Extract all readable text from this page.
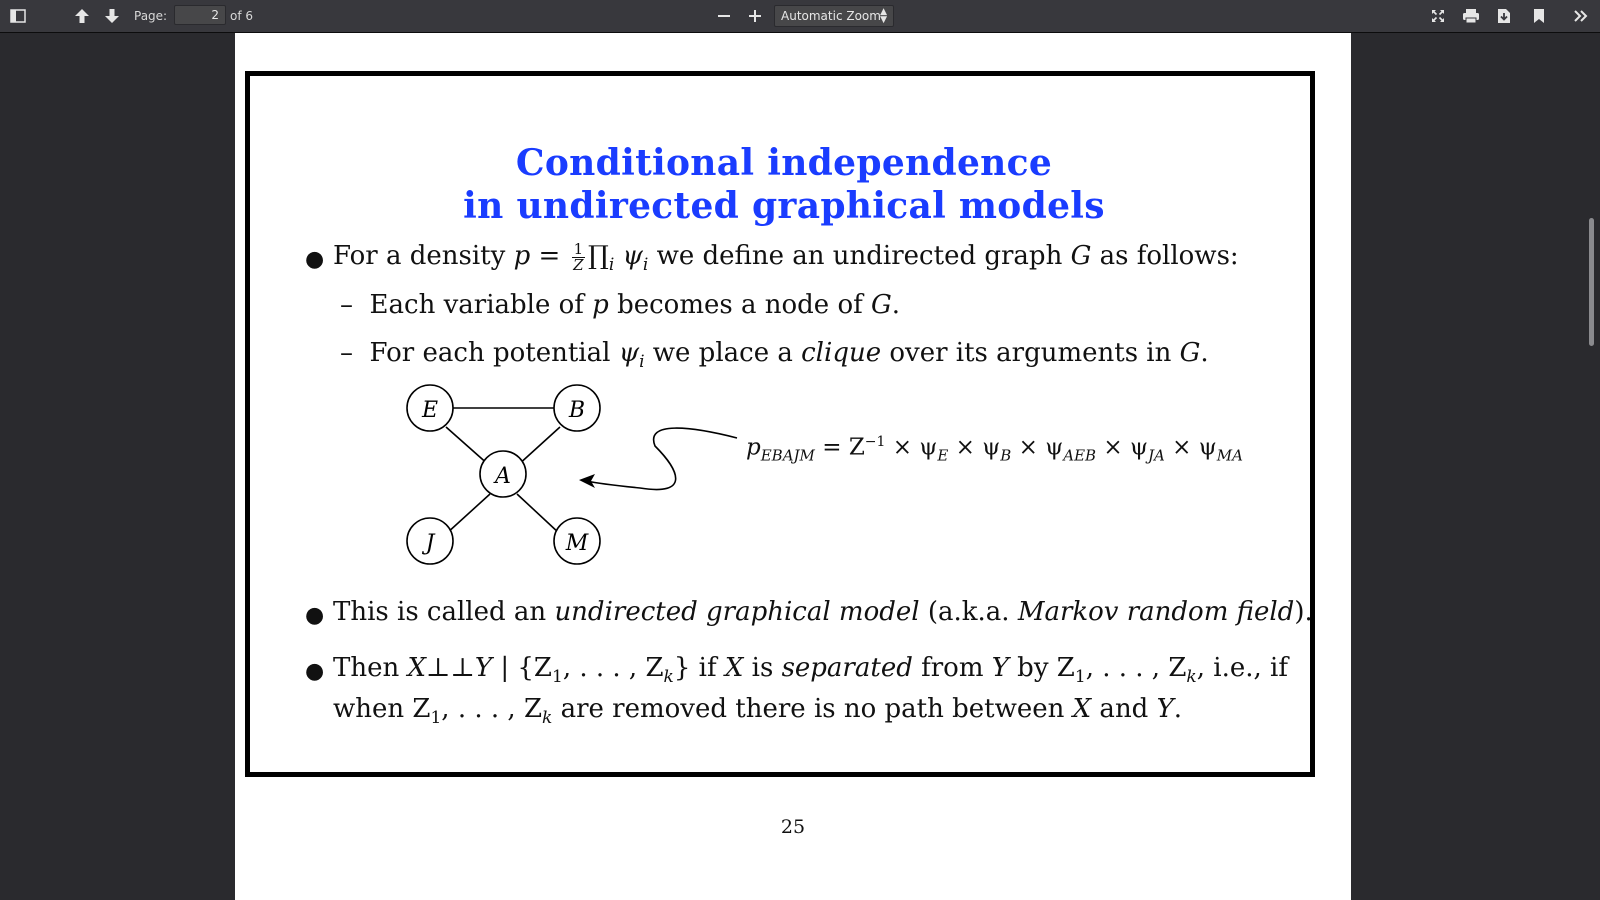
Page:
2	of 6	Automatic Zoom ▲
▼
Conditional independence
in undirected graphical models
● For a density $p = \frac{1}{Z}$ $\prod_i$ $\psi_i$ we define an undirected graph G as follows:
– Each variable of p becomes a node of G.
– For each potential $\psi_i$ we place a clique over its arguments in G.
E	B
A
J	M
$p_{EBAJM} = Z^{-1} \times \psi_E \times \psi_B \times \psi_{AEB} \times \psi_{JA} \times \psi_{MA}$
● This is called an undirected graphical model (a.k.a. Markov random field).
● Then X⊥⊥Y | {$Z_1$, . . . , $Z_k$} if X is separated from Y by $Z_1$, . . . , $Z_k$, i.e., if
when $Z_1$, . . . , $Z_k$ are removed there is no path between X and Y.
25
